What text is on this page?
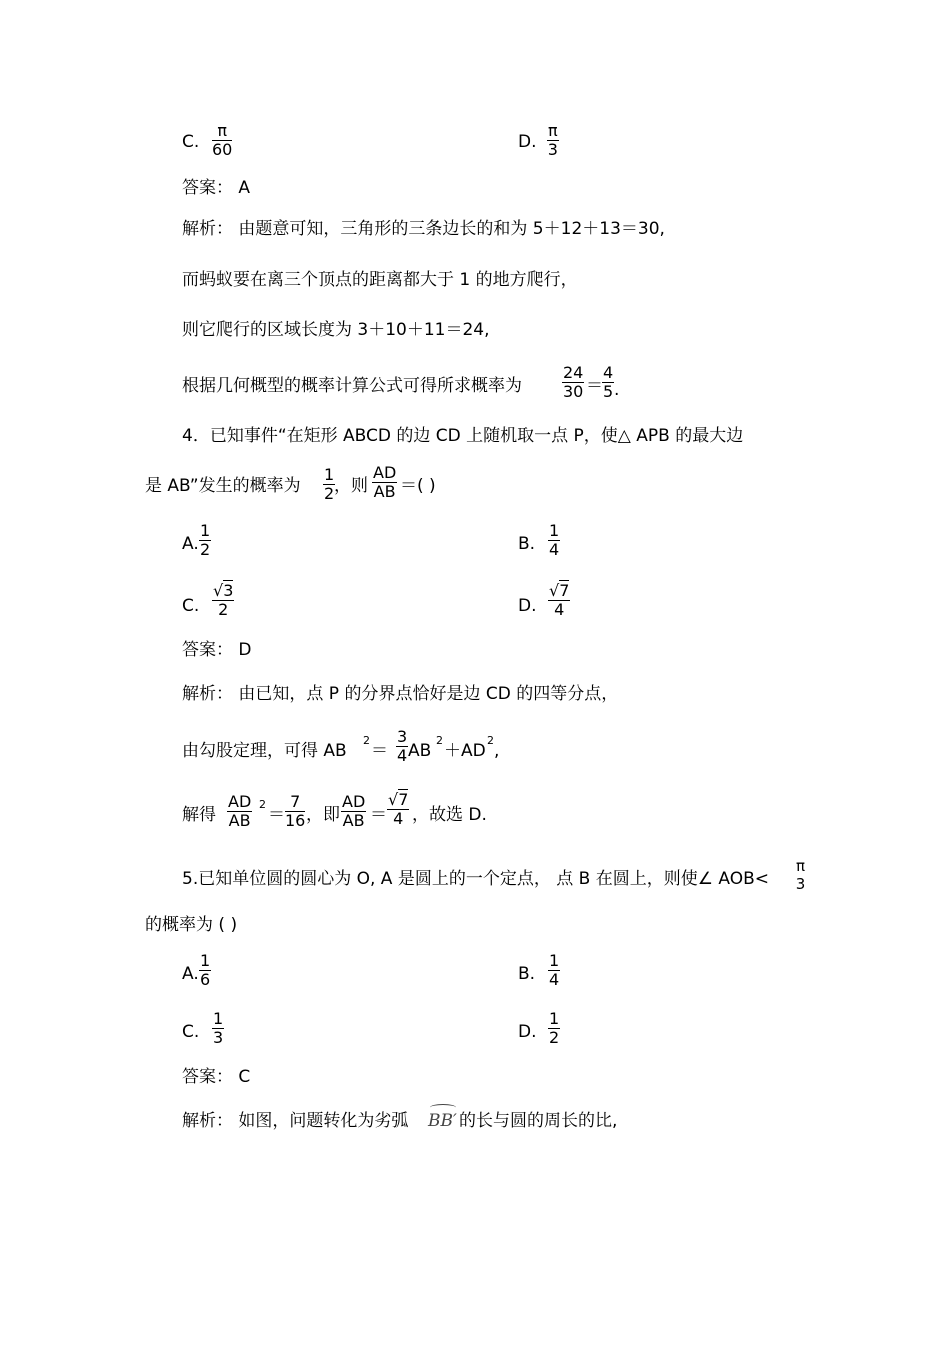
C. $\frac{\pi}{60}$	D. $\frac{\pi}{3}$
答案： A
解析： 由题意可知，三角形的三条边长的和为 5＋12＋13＝30,
而蚂蚁要在离三个顶点的距离都大于 1 的地方爬行，
则它爬行的区域长度为 3＋10＋11＝24,
根据几何概型的概率计算公式可得所求概率为	$\frac{24}{30} = \frac{4}{5}$ .
4．已知事件“在矩形 ABCD 的边 CD 上随机取一点 P，使△ APB 的最大边
是 AB”发生的概率为 $\frac{1}{2}$
，则 $\frac{AD}{AB}$ ＝( )
A. $\frac{1}{2}$	B. $\frac{1}{4}$
C. $\frac{√3}{2}$	D. $\frac{√7}{4}$
答案： D
解析： 由已知，点 P 的分界点恰好是边 CD 的四等分点，
由勾股定理，可得 AB
2
＝ $\frac{3}{4}$ AB
2
＋AD
2
,
解得 $\frac{AD}{AB} 2$
＝ $\frac{7}{16}$ ，即 $\frac{AD}{AB} = \frac{√7}{4}$ ，故选 D.
5.已知单位圆的圆心为 O, A 是圆上的一个定点， 点 B 在圆上，则使∠ AOB<
π
3
的概率为 ( )
A. $\frac{1}{6}$	B. $\frac{1}{4}$
C. $\frac{1}{3}$	D. $\frac{1}{2}$
答案： C
解析： 如图，问题转化为劣弧 BB′ 的长与圆的周长的比,
